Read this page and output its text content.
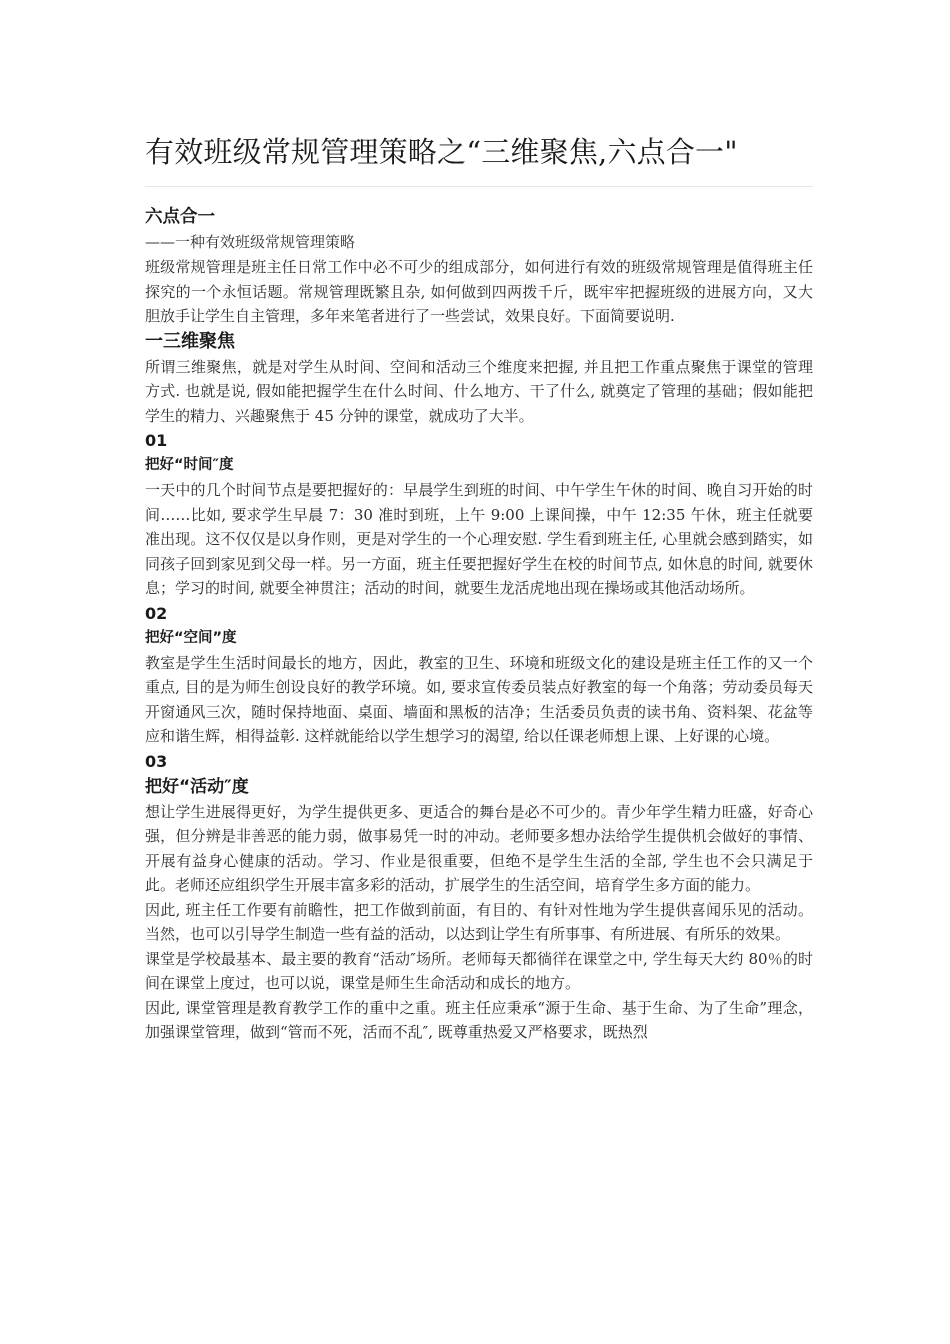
有效班级常规管理策略之“三维聚焦,六点合一"

六点合一

——一种有效班级常规管理策略

班级常规管理是班主任日常工作中必不可少的组成部分，如何进行有效的班级常规管理是值得班主任探究的一个永恒话题。常规管理既繁且杂, 如何做到四两拨千斤，既牢牢把握班级的进展方向，又大胆放手让学生自主管理，多年来笔者进行了一些尝试，效果良好。下面简要说明.

一三维聚焦

所谓三维聚焦，就是对学生从时间、空间和活动三个维度来把握, 并且把工作重点聚焦于课堂的管理方式. 也就是说, 假如能把握学生在什么时间、什么地方、干了什么, 就奠定了管理的基础；假如能把学生的精力、兴趣聚焦于 45 分钟的课堂，就成功了大半。

01

把好“时间″度

一天中的几个时间节点是要把握好的：早晨学生到班的时间、中午学生午休的时间、晚自习开始的时间……比如, 要求学生早晨 7：30 准时到班，上午 9:00 上课间操，中午 12:35 午休，班主任就要准出现。这不仅仅是以身作则，更是对学生的一个心理安慰. 学生看到班主任, 心里就会感到踏实，如同孩子回到家见到父母一样。另一方面，班主任要把握好学生在校的时间节点, 如休息的时间, 就要休息；学习的时间, 就要全神贯注；活动的时间，就要生龙活虎地出现在操场或其他活动场所。

02

把好“空间”度

教室是学生生活时间最长的地方，因此，教室的卫生、环境和班级文化的建设是班主任工作的又一个重点, 目的是为师生创设良好的教学环境。如, 要求宣传委员装点好教室的每一个角落；劳动委员每天开窗通风三次，随时保持地面、桌面、墙面和黑板的洁净；生活委员负责的读书角、资料架、花盆等应和谐生辉，相得益彰. 这样就能给以学生想学习的渴望, 给以任课老师想上课、上好课的心境。

03

把好“活动″度

想让学生进展得更好，为学生提供更多、更适合的舞台是必不可少的。青少年学生精力旺盛，好奇心强，但分辨是非善恶的能力弱，做事易凭一时的冲动。老师要多想办法给学生提供机会做好的事情、开展有益身心健康的活动。学习、作业是很重要，但绝不是学生生活的全部, 学生也不会只满足于此。老师还应组织学生开展丰富多彩的活动，扩展学生的生活空间，培育学生多方面的能力。

因此, 班主任工作要有前瞻性，把工作做到前面，有目的、有针对性地为学生提供喜闻乐见的活动。当然，也可以引导学生制造一些有益的活动，以达到让学生有所事事、有所进展、有所乐的效果。

课堂是学校最基本、最主要的教育“活动″场所。老师每天都徜徉在课堂之中, 学生每天大约 80％的时间在课堂上度过，也可以说，课堂是师生生命活动和成长的地方。

因此, 课堂管理是教育教学工作的重中之重。班主任应秉承“源于生命、基于生命、为了生命”理念，加强课堂管理，做到“管而不死，活而不乱″, 既尊重热爱又严格要求，既热烈
